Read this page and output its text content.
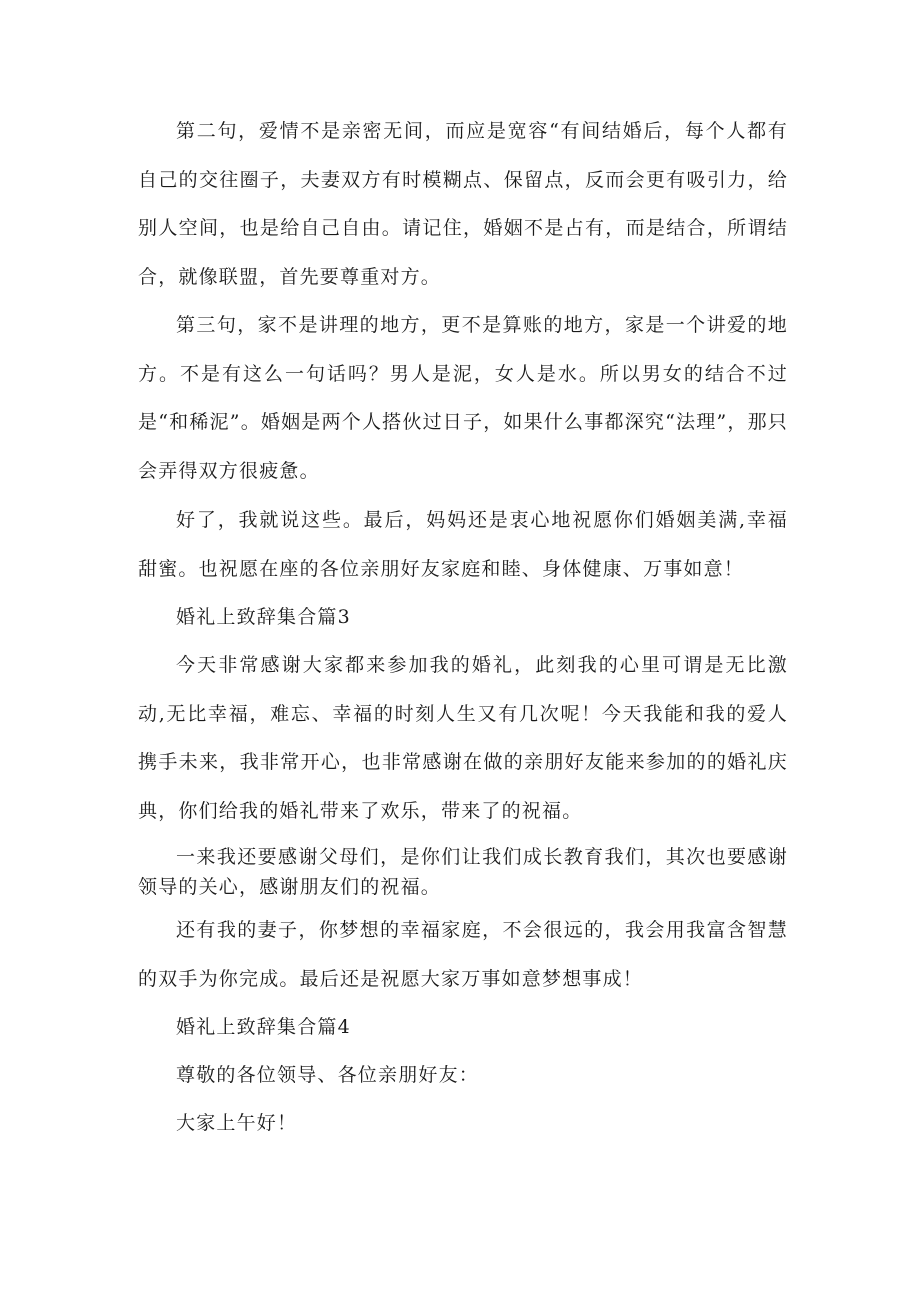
第二句，爱情不是亲密无间，而应是宽容“有间结婚后，每个人都有自己的交往圈子，夫妻双方有时模糊点、保留点，反而会更有吸引力，给别人空间，也是给自己自由。请记住，婚姻不是占有，而是结合，所谓结合，就像联盟，首先要尊重对方。

第三句，家不是讲理的地方，更不是算账的地方，家是一个讲爱的地方。不是有这么一句话吗？男人是泥，女人是水。所以男女的结合不过是“和稀泥”。婚姻是两个人搭伙过日子，如果什么事都深究“法理”，那只会弄得双方很疲惫。

好了，我就说这些。最后，妈妈还是衷心地祝愿你们婚姻美满,幸福甜蜜。也祝愿在座的各位亲朋好友家庭和睦、身体健康、万事如意！

婚礼上致辞集合篇3

今天非常感谢大家都来参加我的婚礼，此刻我的心里可谓是无比激动,无比幸福，难忘、幸福的时刻人生又有几次呢！今天我能和我的爱人携手未来，我非常开心，也非常感谢在做的亲朋好友能来参加的的婚礼庆典，你们给我的婚礼带来了欢乐，带来了的祝福。

一来我还要感谢父母们，是你们让我们成长教育我们，其次也要感谢领导的关心，感谢朋友们的祝福。

还有我的妻子，你梦想的幸福家庭，不会很远的，我会用我富含智慧的双手为你完成。最后还是祝愿大家万事如意梦想事成！

婚礼上致辞集合篇4

尊敬的各位领导、各位亲朋好友：

大家上午好！
